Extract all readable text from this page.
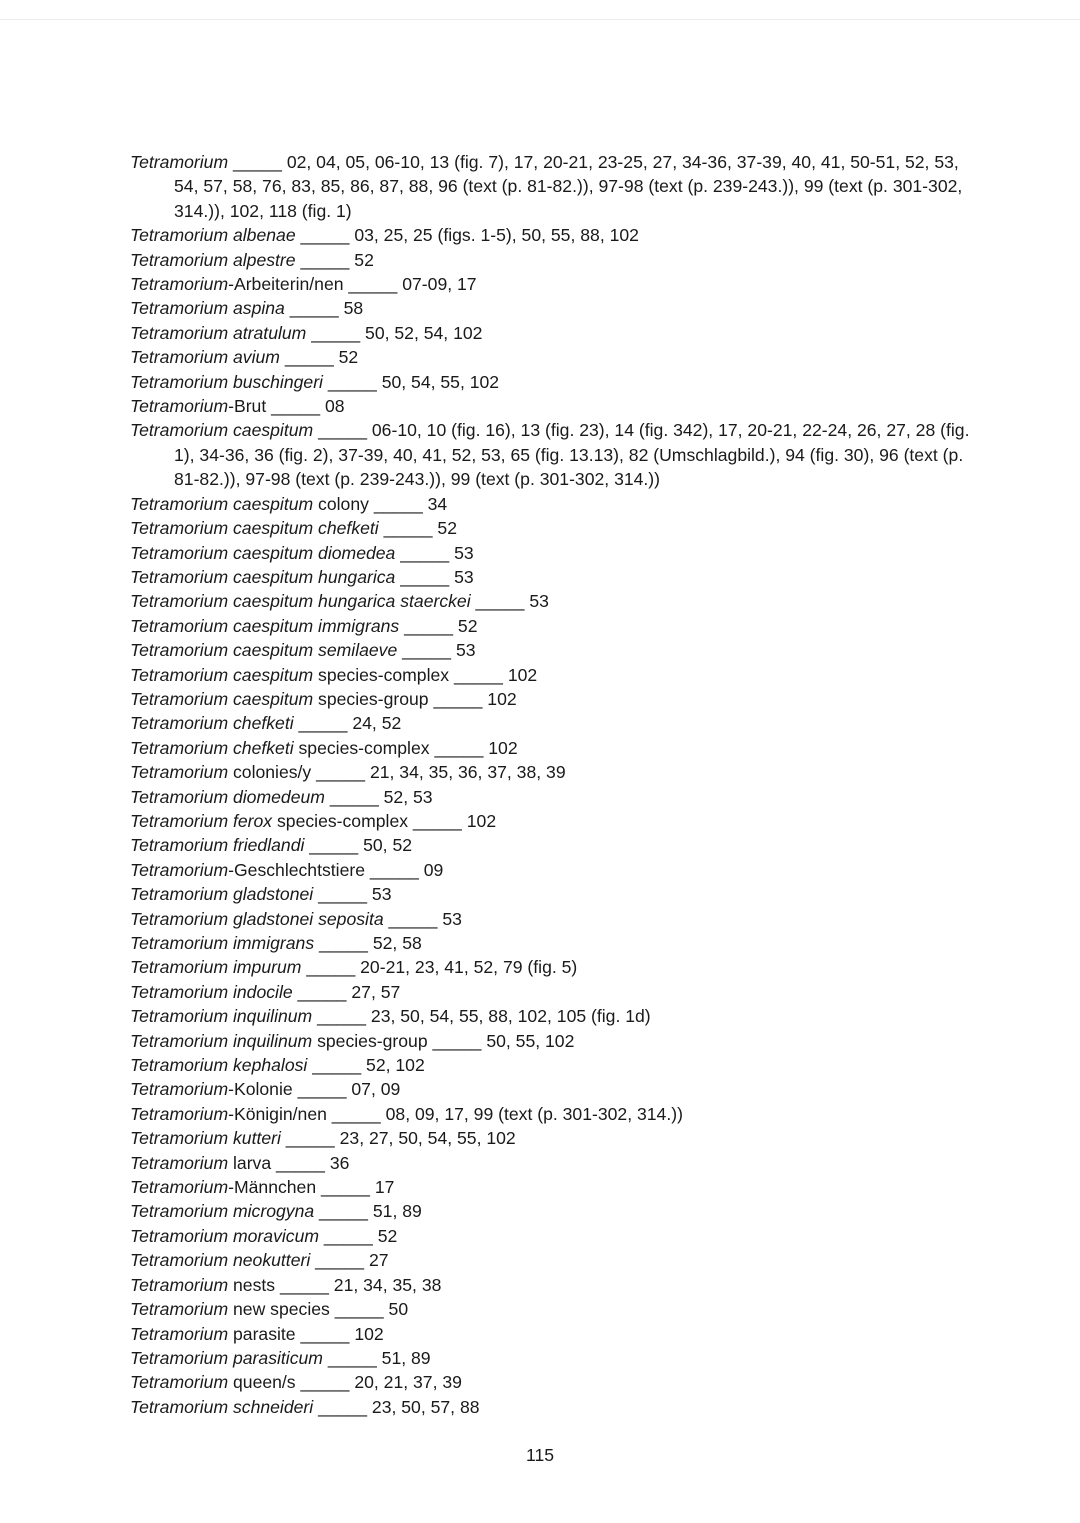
Tetramorium _____ 02, 04, 05, 06-10, 13 (fig. 7), 17, 20-21, 23-25, 27, 34-36, 37-39, 40, 41, 50-51, 52, 53, 54, 57, 58, 76, 83, 85, 86, 87, 88, 96 (text (p. 81-82.)), 97-98 (text (p. 239-243.)), 99 (text (p. 301-302, 314.)), 102, 118 (fig. 1)
Tetramorium albenae _____ 03, 25, 25 (figs. 1-5), 50, 55, 88, 102
Tetramorium alpestre _____ 52
Tetramorium-Arbeiterin/nen _____ 07-09, 17
Tetramorium aspina _____ 58
Tetramorium atratulum _____ 50, 52, 54, 102
Tetramorium avium _____ 52
Tetramorium buschingeri _____ 50, 54, 55, 102
Tetramorium-Brut _____ 08
Tetramorium caespitum _____ 06-10, 10 (fig. 16), 13 (fig. 23), 14 (fig. 342), 17, 20-21, 22-24, 26, 27, 28 (fig. 1), 34-36, 36 (fig. 2), 37-39, 40, 41, 52, 53, 65 (fig. 13.13), 82 (Umschlagbild.), 94 (fig. 30), 96 (text (p. 81-82.)), 97-98 (text (p. 239-243.)), 99 (text (p. 301-302, 314.))
Tetramorium caespitum colony _____ 34
Tetramorium caespitum chefketi _____ 52
Tetramorium caespitum diomedea _____ 53
Tetramorium caespitum hungarica _____ 53
Tetramorium caespitum hungarica staerckei _____ 53
Tetramorium caespitum immigrans _____ 52
Tetramorium caespitum semilaeve _____ 53
Tetramorium caespitum species-complex _____ 102
Tetramorium caespitum species-group _____ 102
Tetramorium chefketi _____ 24, 52
Tetramorium chefketi species-complex _____ 102
Tetramorium colonies/y _____ 21, 34, 35, 36, 37, 38, 39
Tetramorium diomedeum _____ 52, 53
Tetramorium ferox species-complex _____ 102
Tetramorium friedlandi _____ 50, 52
Tetramorium-Geschlechtstiere _____ 09
Tetramorium gladstonei _____ 53
Tetramorium gladstonei seposita _____ 53
Tetramorium immigrans _____ 52, 58
Tetramorium impurum _____ 20-21, 23, 41, 52, 79 (fig. 5)
Tetramorium indocile _____ 27, 57
Tetramorium inquilinum _____ 23, 50, 54, 55, 88, 102, 105 (fig. 1d)
Tetramorium inquilinum species-group _____ 50, 55, 102
Tetramorium kephalosi _____ 52, 102
Tetramorium-Kolonie _____ 07, 09
Tetramorium-Königin/nen _____ 08, 09, 17, 99 (text (p. 301-302, 314.))
Tetramorium kutteri _____ 23, 27, 50, 54, 55, 102
Tetramorium larva _____ 36
Tetramorium-Männchen _____ 17
Tetramorium microgyna _____ 51, 89
Tetramorium moravicum _____ 52
Tetramorium neokutteri _____ 27
Tetramorium nests _____ 21, 34, 35, 38
Tetramorium new species _____ 50
Tetramorium parasite _____ 102
Tetramorium parasiticum _____ 51, 89
Tetramorium queen/s _____ 20, 21, 37, 39
Tetramorium schneideri _____ 23, 50, 57, 88
115
